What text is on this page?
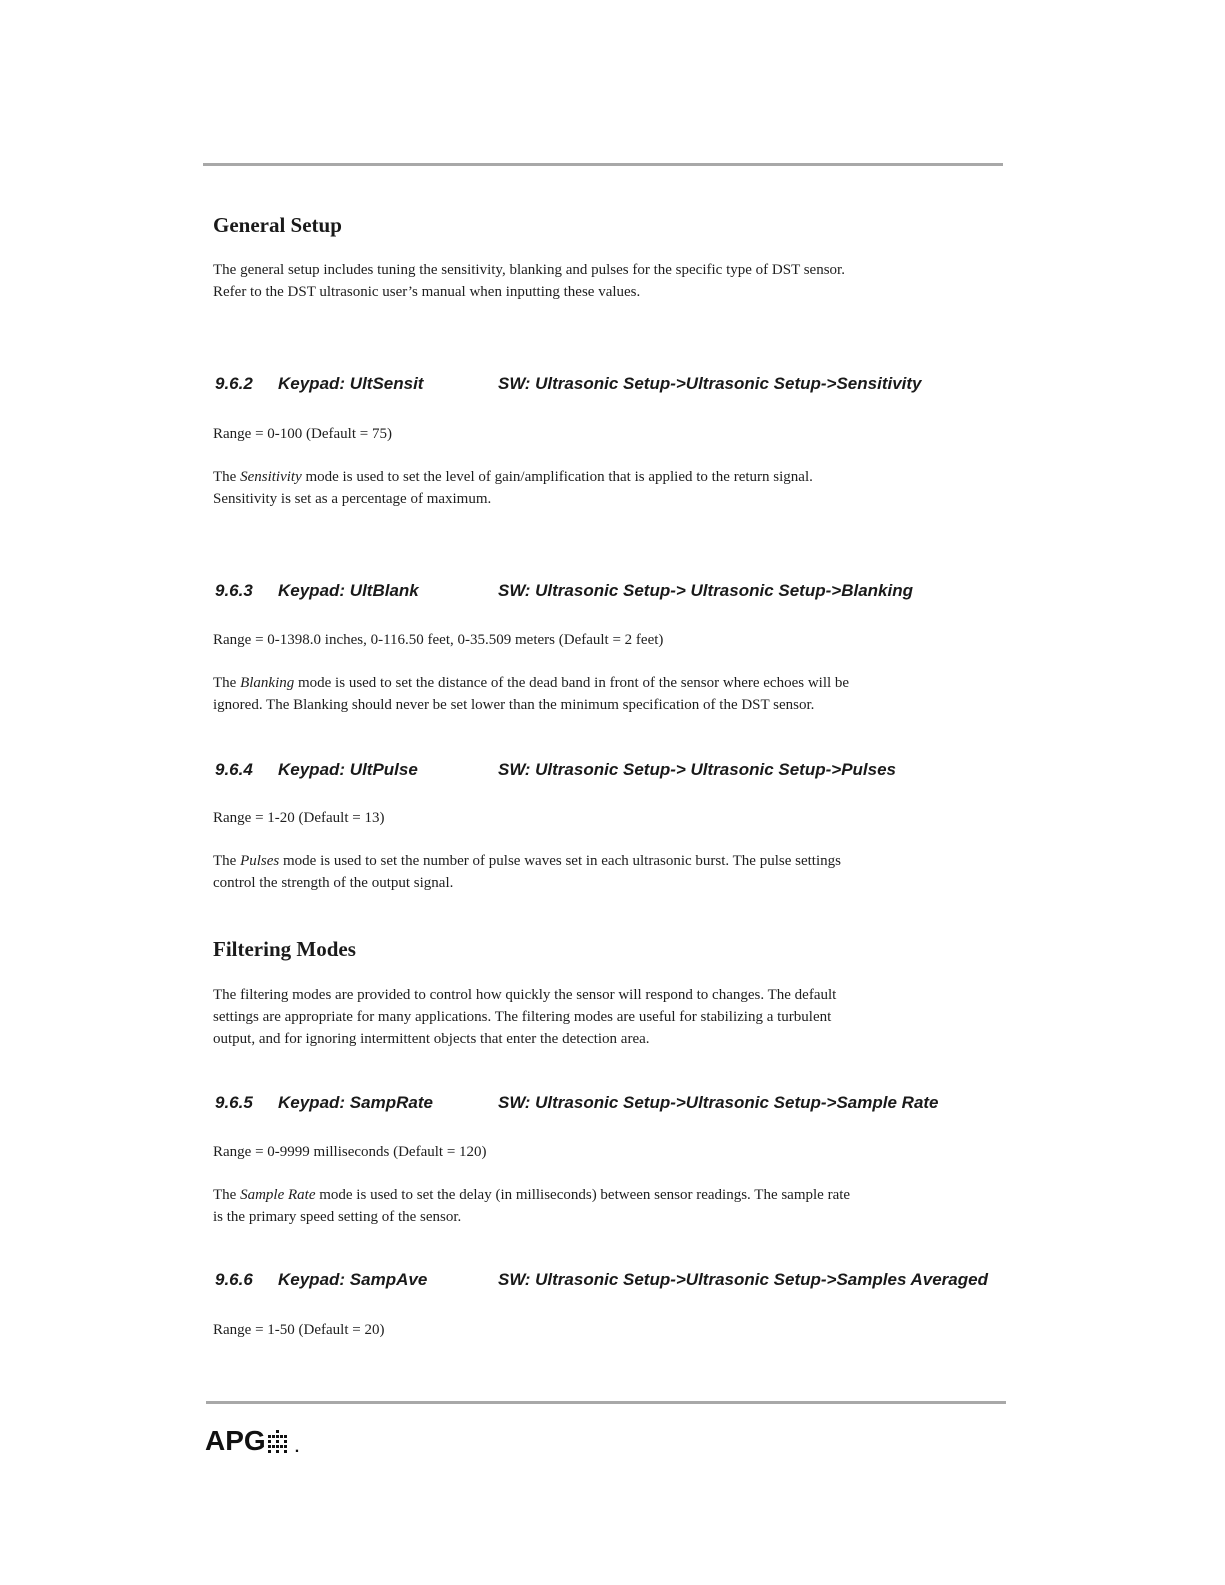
General Setup
The general setup includes tuning the sensitivity, blanking and pulses for the specific type of DST sensor.
Refer to the DST ultrasonic user’s manual when inputting these values.
9.6.2 Keypad: UltSensit	SW: Ultrasonic Setup->Ultrasonic Setup->Sensitivity
Range = 0-100 (Default = 75)
The Sensitivity mode is used to set the level of gain/amplification that is applied to the return signal.
Sensitivity is set as a percentage of maximum.
9.6.3 Keypad: UltBlank	SW: Ultrasonic Setup-> Ultrasonic Setup->Blanking
Range = 0-1398.0 inches, 0-116.50 feet, 0-35.509 meters (Default = 2 feet)
The Blanking mode is used to set the distance of the dead band in front of the sensor where echoes will be
ignored. The Blanking should never be set lower than the minimum specification of the DST sensor.
9.6.4 Keypad: UltPulse	SW: Ultrasonic Setup-> Ultrasonic Setup->Pulses
Range = 1-20 (Default = 13)
The Pulses mode is used to set the number of pulse waves set in each ultrasonic burst. The pulse settings
control the strength of the output signal.
Filtering Modes
The filtering modes are provided to control how quickly the sensor will respond to changes. The default
settings are appropriate for many applications. The filtering modes are useful for stabilizing a turbulent
output, and for ignoring intermittent objects that enter the detection area.
9.6.5 Keypad: SampRate	SW: Ultrasonic Setup->Ultrasonic Setup->Sample Rate
Range = 0-9999 milliseconds (Default = 120)
The Sample Rate mode is used to set the delay (in milliseconds) between sensor readings. The sample rate
is the primary speed setting of the sensor.
9.6.6 Keypad: SampAve	SW: Ultrasonic Setup->Ultrasonic Setup->Samples Averaged
Range = 1-50 (Default = 20)
APG .
